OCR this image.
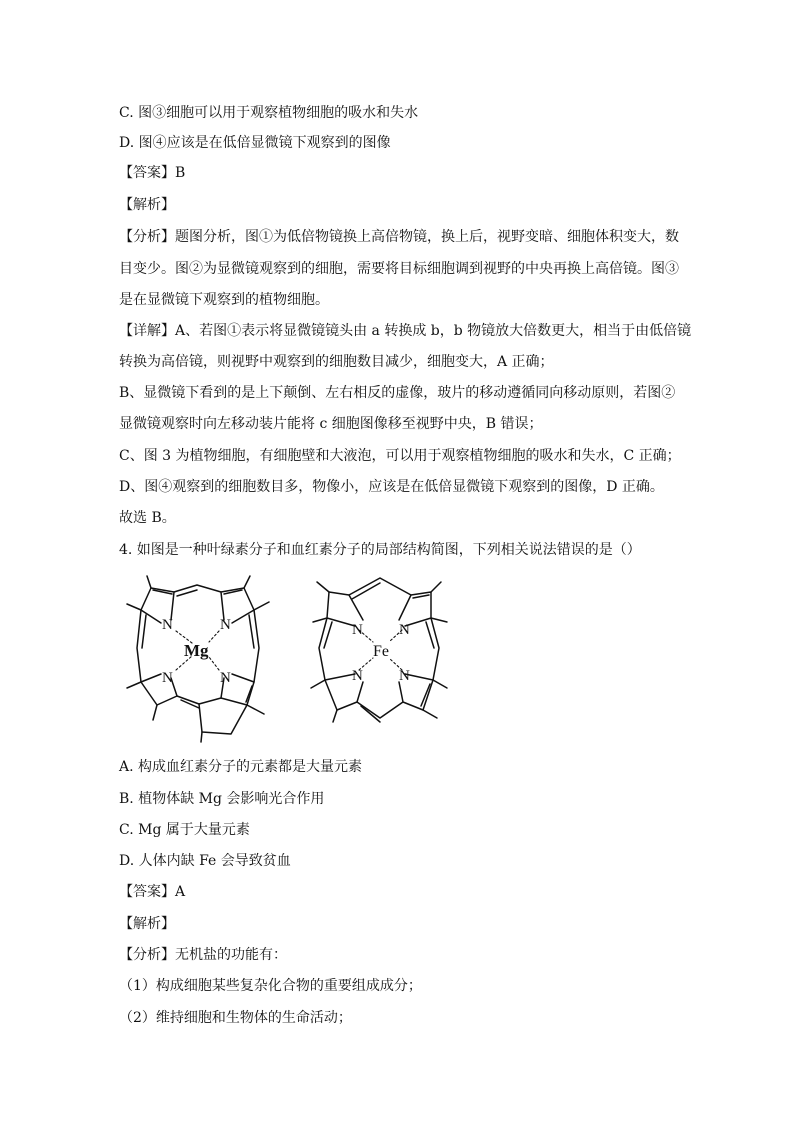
C. 图③细胞可以用于观察植物细胞的吸水和失水
D. 图④应该是在低倍显微镜下观察到的图像
【答案】B
【解析】
【分析】题图分析，图①为低倍物镜换上高倍物镜，换上后，视野变暗、细胞体积变大，数
目变少。图②为显微镜观察到的细胞，需要将目标细胞调到视野的中央再换上高倍镜。图③
是在显微镜下观察到的植物细胞。
【详解】A、若图①表示将显微镜镜头由 a 转换成 b，b 物镜放大倍数更大，相当于由低倍镜
转换为高倍镜，则视野中观察到的细胞数目减少，细胞变大，A 正确；
B、显微镜下看到的是上下颠倒、左右相反的虚像，玻片的移动遵循同向移动原则，若图②
显微镜观察时向左移动装片能将 c 细胞图像移至视野中央，B 错误；
C、图 3 为植物细胞，有细胞壁和大液泡，可以用于观察植物细胞的吸水和失水，C 正确；
D、图④观察到的细胞数目多，物像小，应该是在低倍显微镜下观察到的图像，D 正确。
故选 B。
4. 如图是一种叶绿素分子和血红素分子的局部结构简图，下列相关说法错误的是（）
N	N
N	N
Mg
N N
N N
Fe
A. 构成血红素分子的元素都是大量元素
B. 植物体缺 Mg 会影响光合作用
C. Mg 属于大量元素
D. 人体内缺 Fe 会导致贫血
【答案】A
【解析】
【分析】无机盐的功能有：
（1）构成细胞某些复杂化合物的重要组成成分；
（2）维持细胞和生物体的生命活动；
